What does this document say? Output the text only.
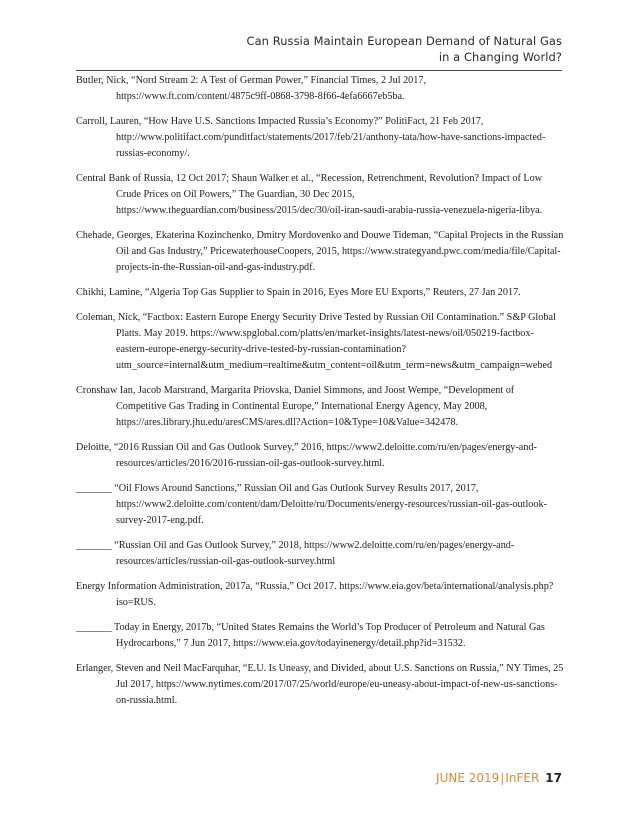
Can Russia Maintain European Demand of Natural Gas
in a Changing World?

Butler, Nick, “Nord Stream 2: A Test of German Power,” Financial Times, 2 Jul 2017, https://www.ft.com/content/4875c9ff-0868-3798-8f66-4efa6667eb5ba.

Carroll, Lauren, “How Have U.S. Sanctions Impacted Russia’s Economy?” PolitiFact, 21 Feb 2017, http://www.politifact.com/punditfact/statements/2017/feb/21/anthony-tata/how-have-sanctions-impacted-russias-economy/.

Central Bank of Russia, 12 Oct 2017; Shaun Walker et al., “Recession, Retrenchment, Revolution? Impact of Low Crude Prices on Oil Powers,” The Guardian, 30 Dec 2015, https://www.theguardian.com/business/2015/dec/30/oil-iran-saudi-arabia-russia-venezuela-nigeria-libya.

Chehade, Georges, Ekaterina Kozinchenko, Dmitry Mordovenko and Douwe Tideman, “Capital Projects in the Russian Oil and Gas Industry,” PricewaterhouseCoopers, 2015, https://www.strategyand.pwc.com/media/file/Capital-projects-in-the-Russian-oil-and-gas-industry.pdf.

Chikhi, Lamine, “Algeria Top Gas Supplier to Spain in 2016, Eyes More EU Exports,” Reuters, 27 Jan 2017.

Coleman, Nick, “Factbox: Eastern Europe Energy Security Drive Tested by Russian Oil Contamination.” S&P Global Platts. May 2019. https://www.spglobal.com/platts/en/market-insights/latest-news/oil/050219-factbox-eastern-europe-energy-security-drive-tested-by-russian-contamination?utm_source=internal&utm_medium=realtime&utm_content=oil&utm_term=news&utm_campaign=webed

Cronshaw Ian, Jacob Marstrand, Margarita Priovska, Daniel Simmons, and Joost Wempe, “Development of Competitive Gas Trading in Continental Europe,” International Energy Agency, May 2008, https://ares.library.jhu.edu/aresCMS/ares.dll?Action=10&Type=10&Value=342478.

Deloitte, “2016 Russian Oil and Gas Outlook Survey,” 2016, https://www2.deloitte.com/ru/en/pages/energy-and-resources/articles/2016/2016-russian-oil-gas-outlook-survey.html.

_______ “Oil Flows Around Sanctions,” Russian Oil and Gas Outlook Survey Results 2017, 2017, https://www2.deloitte.com/content/dam/Deloitte/ru/Documents/energy-resources/russian-oil-gas-outlook-survey-2017-eng.pdf.

_______ “Russian Oil and Gas Outlook Survey,” 2018, https://www2.deloitte.com/ru/en/pages/energy-and-resources/articles/russian-oil-gas-outlook-survey.html

Energy Information Administration, 2017a, “Russia,” Oct 2017. https://www.eia.gov/beta/international/analysis.php?iso=RUS.

_______ Today in Energy, 2017b, “United States Remains the World’s Top Producer of Petroleum and Natural Gas Hydrocarbons,” 7 Jun 2017, https://www.eia.gov/todayinenergy/detail.php?id=31532.

Erlanger, Steven and Neil MacFarquhar, “E.U. Is Uneasy, and Divided, about U.S. Sanctions on Russia,” NY Times, 25 Jul 2017, https://www.nytimes.com/2017/07/25/world/europe/eu-uneasy-about-impact-of-new-us-sanctions-on-russia.html.

JUNE 2019|InFER 17
